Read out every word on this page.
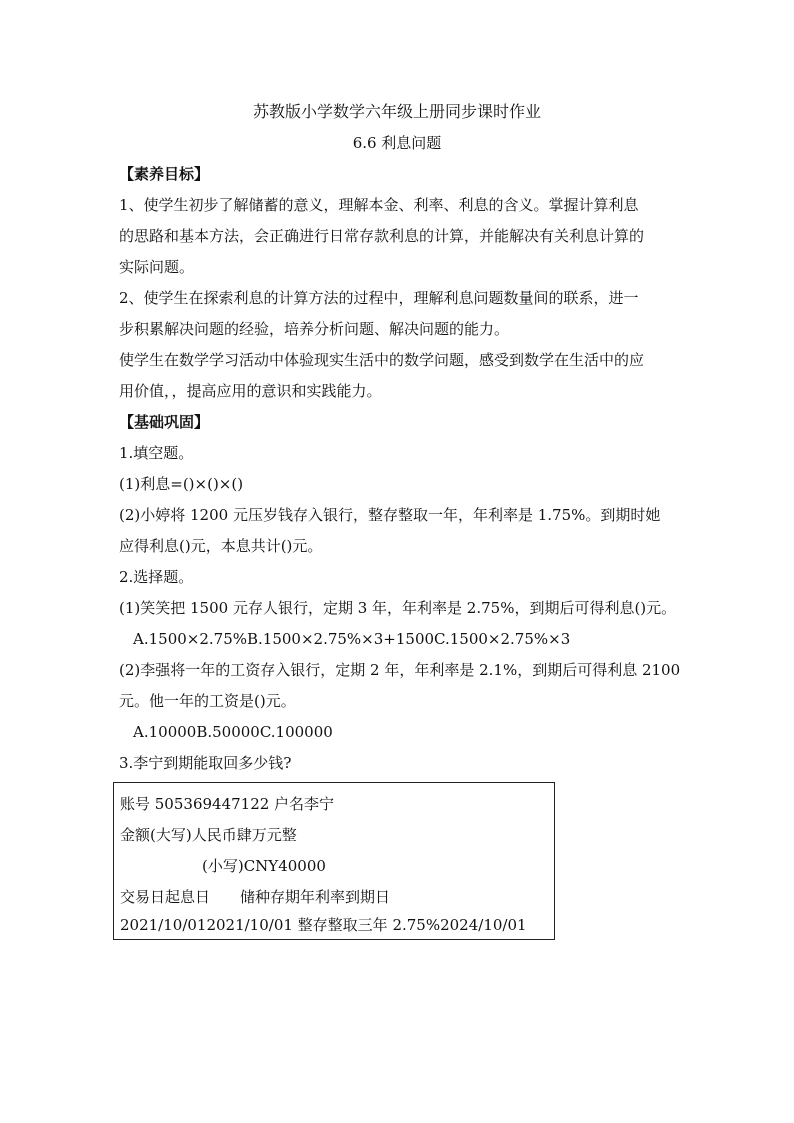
苏教版小学数学六年级上册同步课时作业
6.6 利息问题
【素养目标】
1、使学生初步了解储蓄的意义，理解本金、利率、利息的含义。掌握计算利息
的思路和基本方法，会正确进行日常存款利息的计算，并能解决有关利息计算的
实际问题。
2、使学生在探索利息的计算方法的过程中，理解利息问题数量间的联系，进一
步积累解决问题的经验，培养分析问题、解决问题的能力。
使学生在数学学习活动中体验现实生活中的数学问题，感受到数学在生活中的应
用价值，，提高应用的意识和实践能力。
【基础巩固】
1.填空题。
(1)利息=()×()×()
(2)小婷将 1200 元压岁钱存入银行，整存整取一年，年利率是 1.75%。到期时她
应得利息()元，本息共计()元。
2.选择题。
(1)笑笑把 1500 元存人银行，定期 3 年，年利率是 2.75%，到期后可得利息()元。
A.1500×2.75%B.1500×2.75%×3+1500C.1500×2.75%×3
(2)李强将一年的工资存入银行，定期 2 年，年利率是 2.1%，到期后可得利息 2100
元。他一年的工资是()元。
A.10000B.50000C.100000
3.李宁到期能取回多少钱?
账号 505369447122 户名李宁
金额(大写)人民币肆万元整
(小写)CNY40000
交易日起息日　　储种存期年利率到期日
2021/10/012021/10/01 整存整取三年 2.75%2024/10/01
